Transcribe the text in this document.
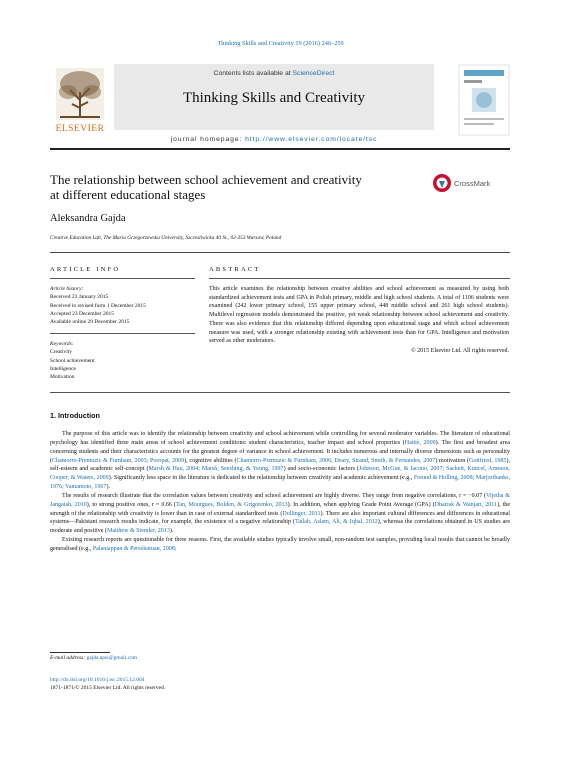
Thinking Skills and Creativity 19 (2016) 246–259
ELSEVIER
Contents lists available at ScienceDirect
Thinking Skills and Creativity
journal homepage: http://www.elsevier.com/locate/tsc
The relationship between school achievement and creativity
at different educational stages
CrossMark
Aleksandra Gajda
Creative Education Lab, The Maria Grzegorzewska University, Szczesliwicka 40 St., 02-353 Warsaw, Poland
ARTICLE INFO	ABSTRACT
Article history:
Received 23 January 2015
Received in revised form 1 December 2015
Accepted 23 December 2015
Available online 29 December 2015
Keywords:
Creativity
School achievement
Intelligence
Motivation
This article examines the relationship between creative abilities and school achievement as measured by using both standardized achievement tests and GPA in Polish primary, middle and high school students. A total of 1106 students were examined (242 lower primary school, 155 upper primary school, 448 middle school and 261 high school students). Multilevel regression models demonstrated the positive, yet weak relationship between school achievement and creativity. There was also evidence that this relationship differed depending upon educational stage and which school achievement measure was used, with a stronger relationship existing with achievement tests than for GPA. Intelligence and motivation served as other moderators.
© 2015 Elsevier Ltd. All rights reserved.
1. Introduction

The purpose of this article was to identify the relationship between creativity and school achievement while controlling for several moderator variables. The literature of educational psychology has identified three main areas of school achievement conditions: student characteristics, teacher impact and school properties (Hattie, 2009). The first and broadest area concerning students and their characteristics accounts for the greatest degree of variance in school achievement. It includes numerous and internally diverse dimensions such as personality (Chamorro-Premuzic & Furnham, 2003; Poropat, 2009), cognitive abilities (Chamorro-Premuzic & Furnham, 2006; Deary, Strand, Smith, & Fernandes, 2007) motivation (Gottfried, 1985), self-esteem and academic self-concept (Marsh & Hau, 2004; Marsh, Seeshing, & Yeung, 1997) and socio-economic factors (Johnson, McGue, & Iacono, 2007; Sackett, Kuncel, Arneson, Cooper, & Waters, 2009). Significantly less space in the literature is dedicated to the relationship between creativity and academic achievement (e.g., Freund & Holling, 2008; Marjoribanks, 1976; Yamamoto, 1967).

The results of research illustrate that the correlation values between creativity and school achievement are highly diverse. They range from negative correlations, r = −0.07 (Vijetha & Jangaiah, 2010), to strong positive ones, r = 0.66 (Tan, Mourgues, Bolden, & Grigorenko, 2013). In addition, when applying Grade Point Average (GPA) (Dhatrak & Wanjari, 2011), the strength of the relationship with creativity is lower than in case of external standardized tests (Dollinger, 2011). There are also important cultural differences and differences in educational systems—Pakistani research results indicate, for example, the existence of a negative relationship (Tatlah, Aslam, Ali, & Iqbal, 2012), whereas the correlations obtained in US studies are moderate and positive (Matthew & Stemler, 2013).

Existing research reports are questionable for three reasons. First, the available studies typically involve small, non-random test samples, providing local results that cannot be broadly generalised (e.g., Palaniappan & Persekutuan, 2008;

E-mail address: gajda.apsi@gmail.com
http://dx.doi.org/10.1016/j.tsc.2015.12.004
1871-1871/© 2015 Elsevier Ltd. All rights reserved.
